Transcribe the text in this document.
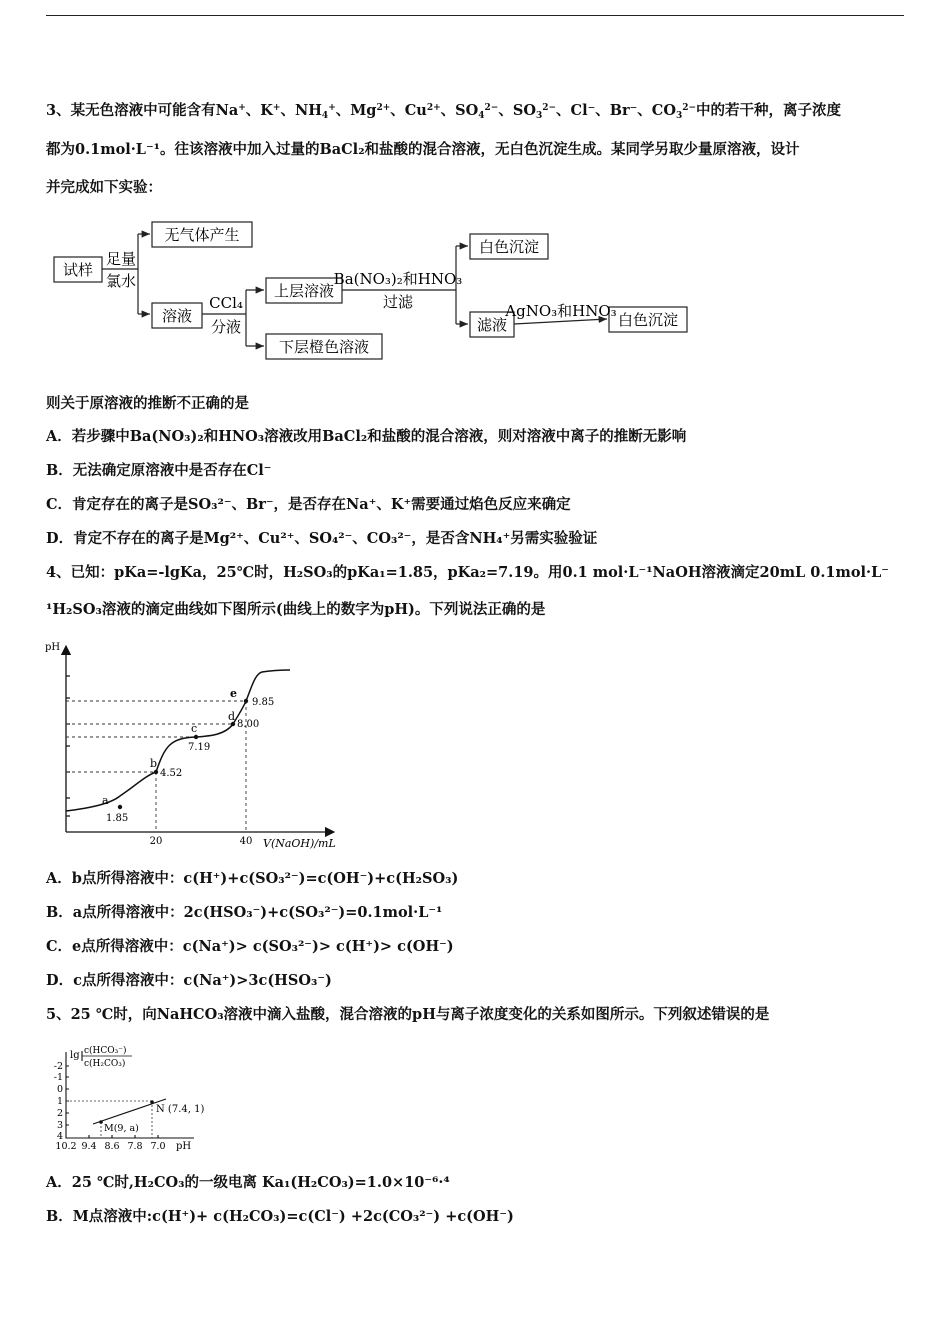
3、某无色溶液中可能含有Na+、K+、$NH_4^+$、$Mg^{2+}$、$Cu^{2+}$、$SO_4^{2-}$、$SO_3^{2-}$、Cl⁻、Br⁻、$CO_3^{2-}$中的若干种，离子浓度
都为0.1mol·L⁻¹。往该溶液中加入过量的BaCl₂和盐酸的混合溶液，无白色沉淀生成。某同学另取少量原溶液，设计
并完成如下实验：
试样
足量
氯水
无气体产生
溶液
CCl₄
分液
上层溶液
下层橙色溶液
Ba(NO₃)₂和HNO₃
过滤
白色沉淀
滤液
AgNO₃和HNO₃ 白色沉淀
则关于原溶液的推断不正确的是
A．若步骤中Ba(NO₃)₂和HNO₃溶液改用BaCl₂和盐酸的混合溶液，则对溶液中离子的推断无影响
B．无法确定原溶液中是否存在Cl⁻
C．肯定存在的离子是SO₃²⁻、Br⁻，是否存在Na⁺、K⁺需要通过焰色反应来确定
D．肯定不存在的离子是Mg²⁺、Cu²⁺、SO₄²⁻、CO₃²⁻，是否含NH₄⁺另需实验验证
4、已知：pKa=-lgKa，25℃时，H₂SO₃的pKa₁=1.85，pKa₂=7.19。用0.1 mol·L⁻¹NaOH溶液滴定20mL 0.1mol·L⁻
¹H₂SO₃溶液的滴定曲线如下图所示(曲线上的数字为pH)。下列说法正确的是
pH
V(NaOH)/mL
20	40
a
1.85
b
4.52
c
7.19
d
8.00
e
9.85
A．b点所得溶液中：c(H⁺)+c(SO₃²⁻)=c(OH⁻)+c(H₂SO₃)
B．a点所得溶液中：2c(HSO₃⁻)+c(SO₃²⁻)=0.1mol·L⁻¹
C．e点所得溶液中：c(Na⁺)> c(SO₃²⁻)> c(H⁺)> c(OH⁻)
D．c点所得溶液中：c(Na⁺)>3c(HSO₃⁻)
5、25 ℃时，向NaHCO₃溶液中滴入盐酸，混合溶液的pH与离子浓度变化的关系如图所示。下列叙述错误的是
lg c(HCO₃⁻)
c(H₂CO₃)
-2
-1
0
1
2
3
4
10.2 9.4 8.6 7.8 7.0 pH
N (7.4, 1)
M(9, a)
A．25 ℃时,H₂CO₃的一级电离 Ka₁(H₂CO₃)=1.0×10⁻⁶·⁴
B．M点溶液中:c(H⁺)+ c(H₂CO₃)=c(Cl⁻) +2c(CO₃²⁻) +c(OH⁻)
